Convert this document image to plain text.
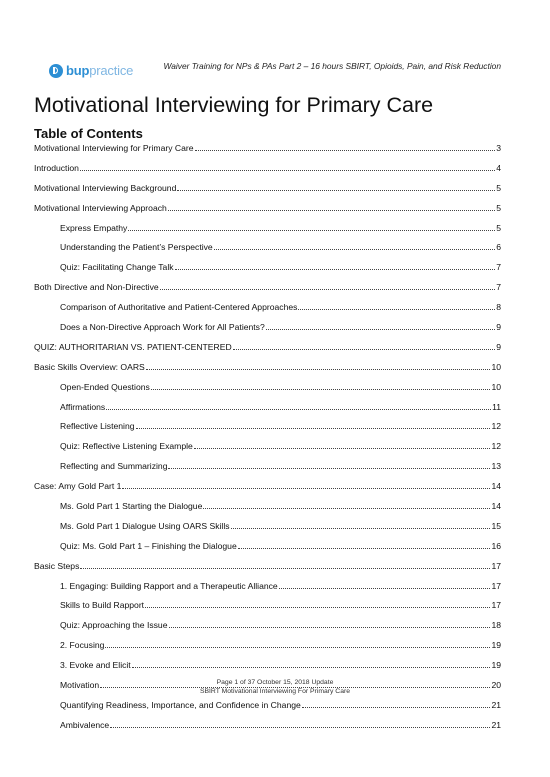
bup practice	Waiver Training for NPs & PAs Part 2 – 16 hours SBIRT, Opioids, Pain, and Risk Reduction
Motivational Interviewing for Primary Care
Table of Contents
Motivational Interviewing for Primary Care	3
Introduction	4
Motivational Interviewing Background	5
Motivational Interviewing Approach	5
Express Empathy	5
Understanding the Patient’s Perspective	6
Quiz: Facilitating Change Talk	7
Both Directive and Non-Directive	7
Comparison of Authoritative and Patient-Centered Approaches	8
Does a Non-Directive Approach Work for All Patients?	9
QUIZ: AUTHORITARIAN VS. PATIENT-CENTERED	9
Basic Skills Overview: OARS	10
Open-Ended Questions	10
Affirmations	11
Reflective Listening	12
Quiz: Reflective Listening Example	12
Reflecting and Summarizing	13
Case: Amy Gold Part 1	14
Ms. Gold Part 1 Starting the Dialogue	14
Ms. Gold Part 1 Dialogue Using OARS Skills	15
Quiz: Ms. Gold Part 1 – Finishing the Dialogue	16
Basic Steps	17
1. Engaging: Building Rapport and a Therapeutic Alliance	17
Skills to Build Rapport	17
Quiz: Approaching the Issue	18
2. Focusing	19
3. Evoke and Elicit	19
Motivation	20
Quantifying Readiness, Importance, and Confidence in Change	21
Ambivalence	21
Page 1 of 37 October 15, 2018 Update
SBIRT Motivational Interviewing For Primary Care
